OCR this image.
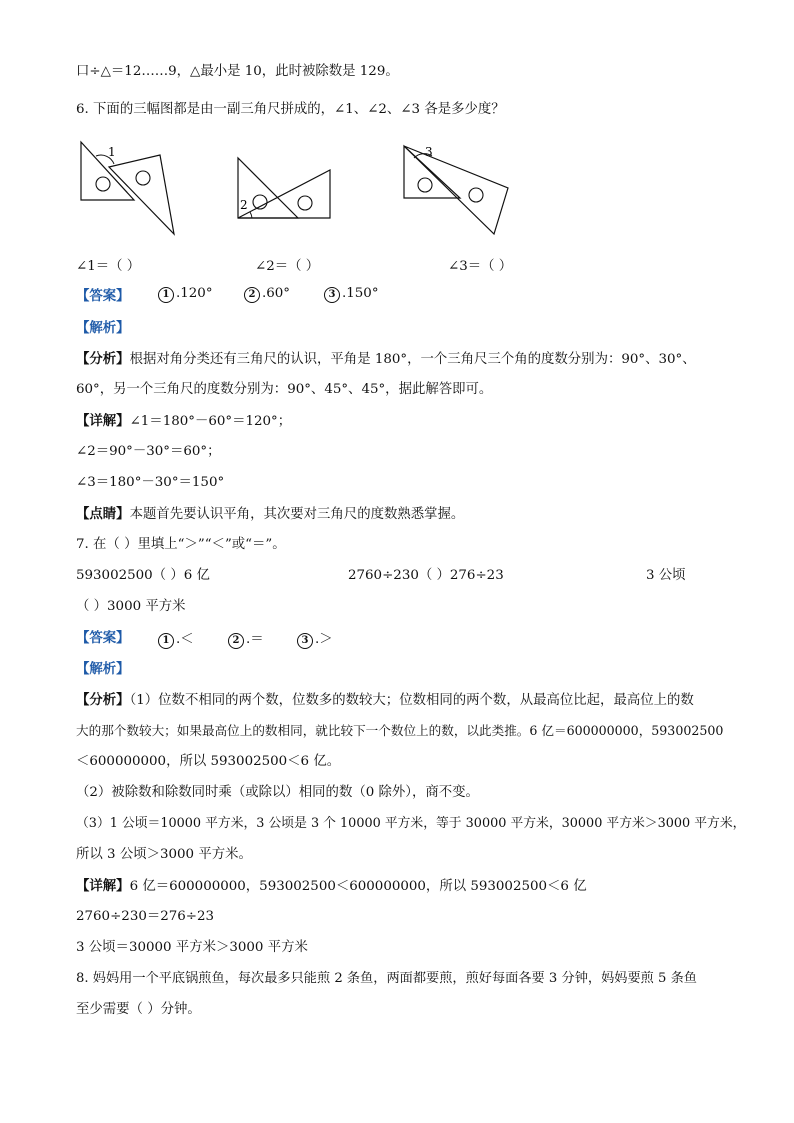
口÷△＝12……9，△最小是 10，此时被除数是 129。
6. 下面的三幅图都是由一副三角尺拼成的，∠1、∠2、∠3 各是多少度？
1
2
3
∠1＝（ ）	∠2＝（ ）	∠3＝（ ）
【答案】	1 .120°	2 .60°	3 .150°
【解析】
【分析】根据对角分类还有三角尺的认识，平角是 180°，一个三角尺三个角的度数分别为：90°、30°、
60°，另一个三角尺的度数分别为：90°、45°、45°，据此解答即可。
【详解】∠1＝180°－60°＝120°；
∠2＝90°－30°＝60°；
∠3＝180°－30°＝150°
【点睛】本题首先要认识平角，其次要对三角尺的度数熟悉掌握。
7. 在（ ）里填上“＞”“＜”或“＝”。
593002500（ ）6 亿	2760÷230（ ）276÷23	3 公顷
（ ）3000 平方米
【答案】	1 .＜	2 .＝	3 .＞
【解析】
【分析】（1）位数不相同的两个数，位数多的数较大；位数相同的两个数，从最高位比起，最高位上的数
大的那个数较大；如果最高位上的数相同，就比较下一个数位上的数，以此类推。6 亿＝600000000，593002500
＜600000000，所以 593002500＜6 亿。
（2）被除数和除数同时乘（或除以）相同的数（0 除外），商不变。
（3）1 公顷＝10000 平方米，3 公顷是 3 个 10000 平方米，等于 30000 平方米，30000 平方米＞3000 平方米，
所以 3 公顷＞3000 平方米。
【详解】6 亿＝600000000，593002500＜600000000，所以 593002500＜6 亿
2760÷230＝276÷23
3 公顷＝30000 平方米＞3000 平方米
8. 妈妈用一个平底锅煎鱼，每次最多只能煎 2 条鱼，两面都要煎，煎好每面各要 3 分钟，妈妈要煎 5 条鱼
至少需要（ ）分钟。
